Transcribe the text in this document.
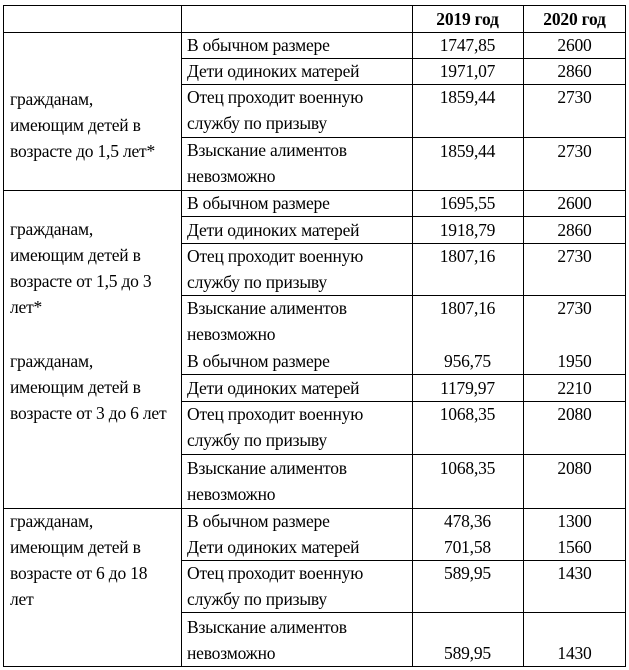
2019 год	2020 год
гражданам,
имеющим детей в
возрасте до 1,5 лет*
В обычном размере	1747,85	2600
Дети одиноких матерей	1971,07	2860
Отец проходит военную
службу по призыву
1859,44	2730
Взыскание алиментов
невозможно
1859,44	2730
гражданам,
имеющим детей в
возрасте от 1,5 до 3
лет*
В обычном размере	1695,55	2600
Дети одиноких матерей	1918,79	2860
Отец проходит военную
службу по призыву
1807,16	2730
Взыскание алиментов
невозможно
1807,16	2730
гражданам,
имеющим детей в
возрасте от 3 до 6 лет
В обычном размере	956,75	1950
Дети одиноких матерей	1179,97	2210
Отец проходит военную
службу по призыву
1068,35	2080
Взыскание алиментов
невозможно
1068,35	2080
гражданам,
имеющим детей в
возрасте от 6 до 18
лет
В обычном размере	478,36	1300
Дети одиноких матерей	701,58	1560
Отец проходит военную
службу по призыву
589,95	1430
Взыскание алиментов
невозможно	589,95	1430
